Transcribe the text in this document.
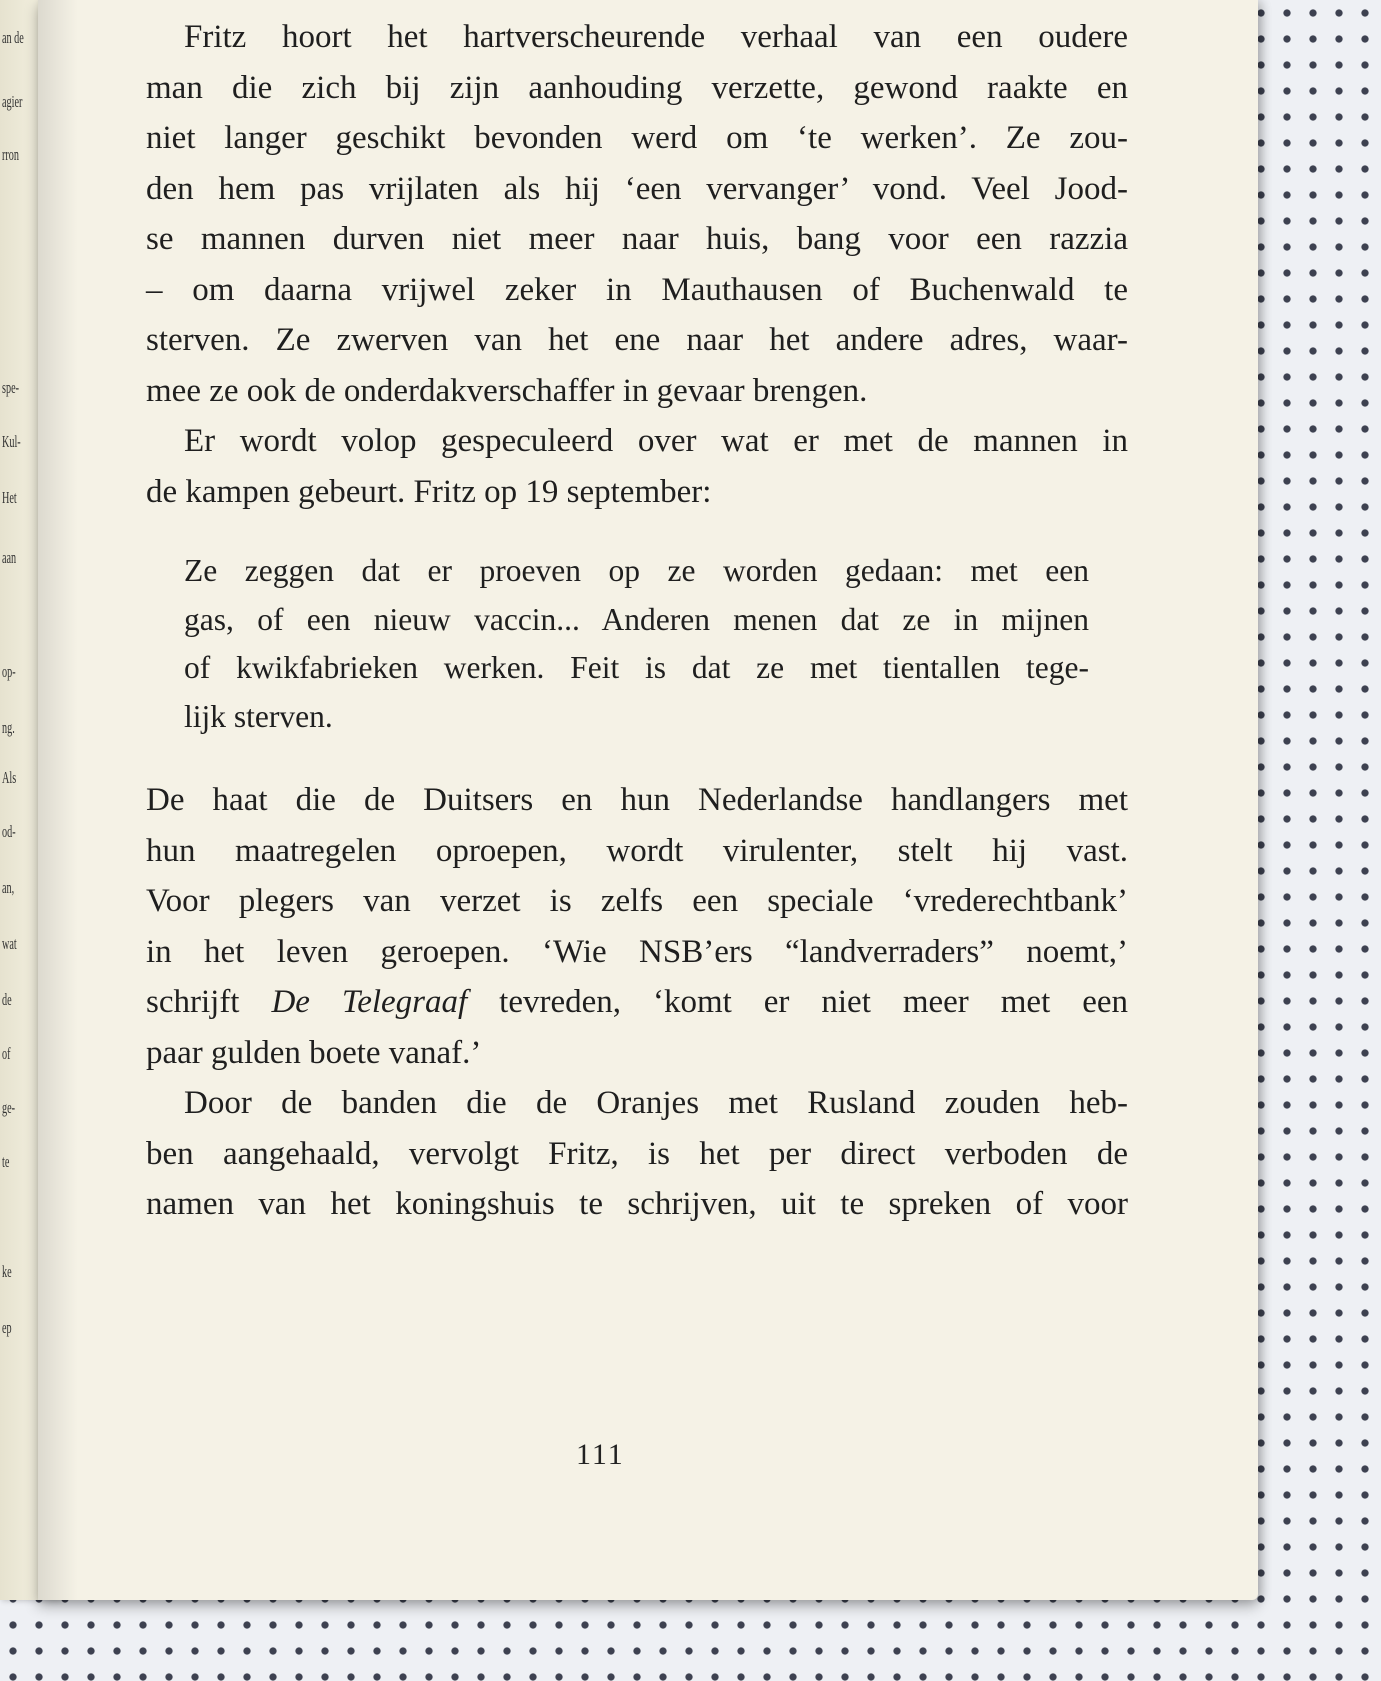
an de
agier
rron
spe-
Kul-
Het
aan
op-
ng.
Als
od-
an,
wat
de
of
ge-
te
ke
ep
Fritz hoort het hartverscheurende verhaal van een oudere
man die zich bij zijn aanhouding verzette, gewond raakte en
niet langer geschikt bevonden werd om ‘te werken’. Ze zou-
den hem pas vrijlaten als hij ‘een vervanger’ vond. Veel Jood-
se mannen durven niet meer naar huis, bang voor een razzia
– om daarna vrijwel zeker in Mauthausen of Buchenwald te
sterven. Ze zwerven van het ene naar het andere adres, waar-
mee ze ook de onderdakverschaffer in gevaar brengen.
Er wordt volop gespeculeerd over wat er met de mannen in
de kampen gebeurt. Fritz op 19 september:
Ze zeggen dat er proeven op ze worden gedaan: met een
gas, of een nieuw vaccin... Anderen menen dat ze in mijnen
of kwikfabrieken werken. Feit is dat ze met tientallen tege-
lijk sterven.
De haat die de Duitsers en hun Nederlandse handlangers met
hun maatregelen oproepen, wordt virulenter, stelt hij vast.
Voor plegers van verzet is zelfs een speciale ‘vrederechtbank’
in het leven geroepen. ‘Wie NSB’ers “landverraders” noemt,’
schrijft De Telegraaf tevreden, ‘komt er niet meer met een
paar gulden boete vanaf.’
Door de banden die de Oranjes met Rusland zouden heb-
ben aangehaald, vervolgt Fritz, is het per direct verboden de
namen van het koningshuis te schrijven, uit te spreken of voor
111
